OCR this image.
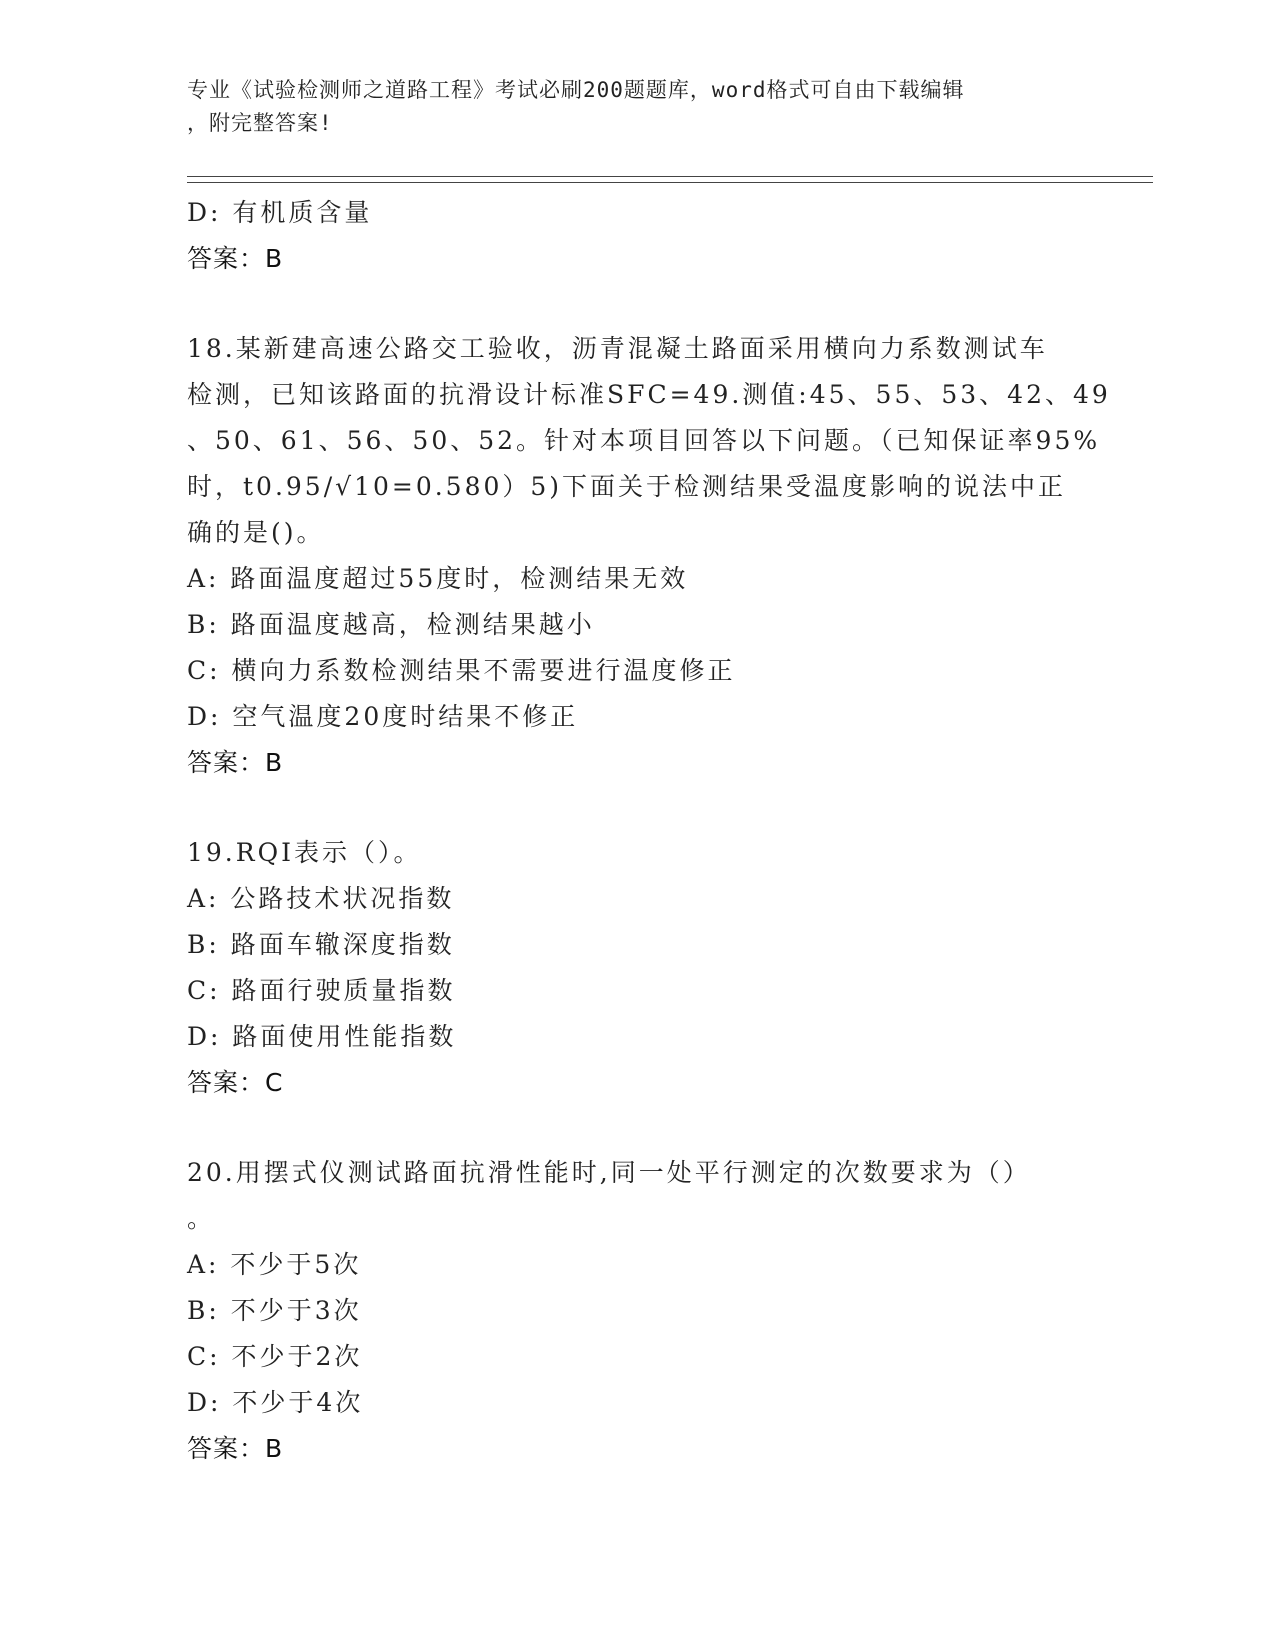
专业《试验检测师之道路工程》考试必刷200题题库，word格式可自由下载编辑
，附完整答案!
D: 有机质含量
答案：B
18.某新建高速公路交工验收，沥青混凝土路面采用横向力系数测试车
检测，已知该路面的抗滑设计标准SFC=49.测值:45、55、53、42、49
、50、61、56、50、52。针对本项目回答以下问题。（已知保证率95%
时，t0.95/√10=0.580）5)下面关于检测结果受温度影响的说法中正
确的是()。
A: 路面温度超过55度时，检测结果无效
B: 路面温度越高，检测结果越小
C: 横向力系数检测结果不需要进行温度修正
D: 空气温度20度时结果不修正
答案：B
19.RQI表示（）。
A: 公路技术状况指数
B: 路面车辙深度指数
C: 路面行驶质量指数
D: 路面使用性能指数
答案：C
20.用摆式仪测试路面抗滑性能时,同一处平行测定的次数要求为（）
。
A: 不少于5次
B: 不少于3次
C: 不少于2次
D: 不少于4次
答案：B
